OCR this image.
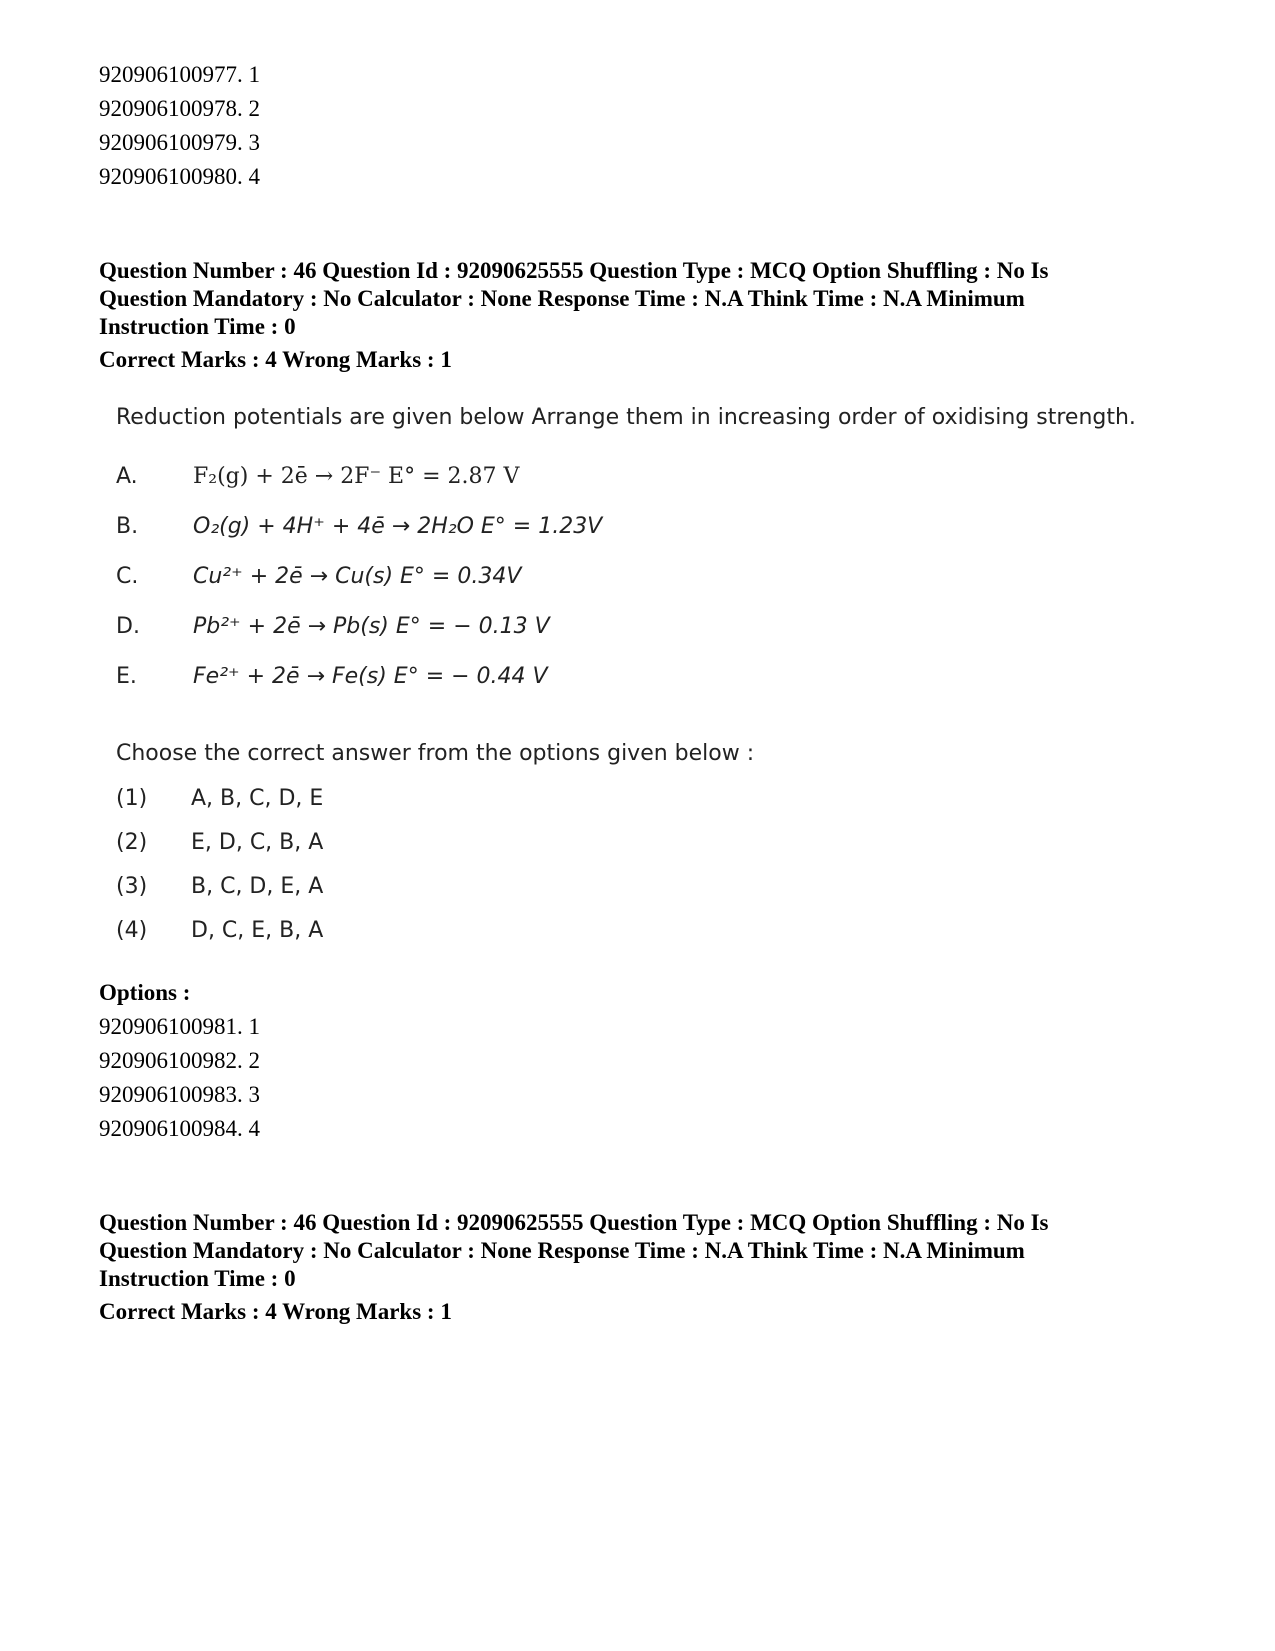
920906100977. 1
920906100978. 2
920906100979. 3
920906100980. 4
Question Number : 46 Question Id : 92090625555 Question Type : MCQ Option Shuffling : No Is
Question Mandatory : No Calculator : None Response Time : N.A Think Time : N.A Minimum
Instruction Time : 0
Correct Marks : 4 Wrong Marks : 1
Reduction potentials are given below Arrange them in increasing order of oxidising strength.
A.	F₂(g) + 2ē → 2F⁻ E° = 2.87 V
B. O₂(g) + 4H⁺ + 4ē → 2H₂O E° = 1.23V
C. Cu²⁺ + 2ē → Cu(s) E° = 0.34V
D. Pb²⁺ + 2ē → Pb(s) E° = − 0.13 V
E.	Fe²⁺ + 2ē → Fe(s) E° = − 0.44 V
Choose the correct answer from the options given below :
(1) A, B, C, D, E
(2) E, D, C, B, A
(3) B, C, D, E, A
(4) D, C, E, B, A
Options :
920906100981. 1
920906100982. 2
920906100983. 3
920906100984. 4
Question Number : 46 Question Id : 92090625555 Question Type : MCQ Option Shuffling : No Is
Question Mandatory : No Calculator : None Response Time : N.A Think Time : N.A Minimum
Instruction Time : 0
Correct Marks : 4 Wrong Marks : 1
